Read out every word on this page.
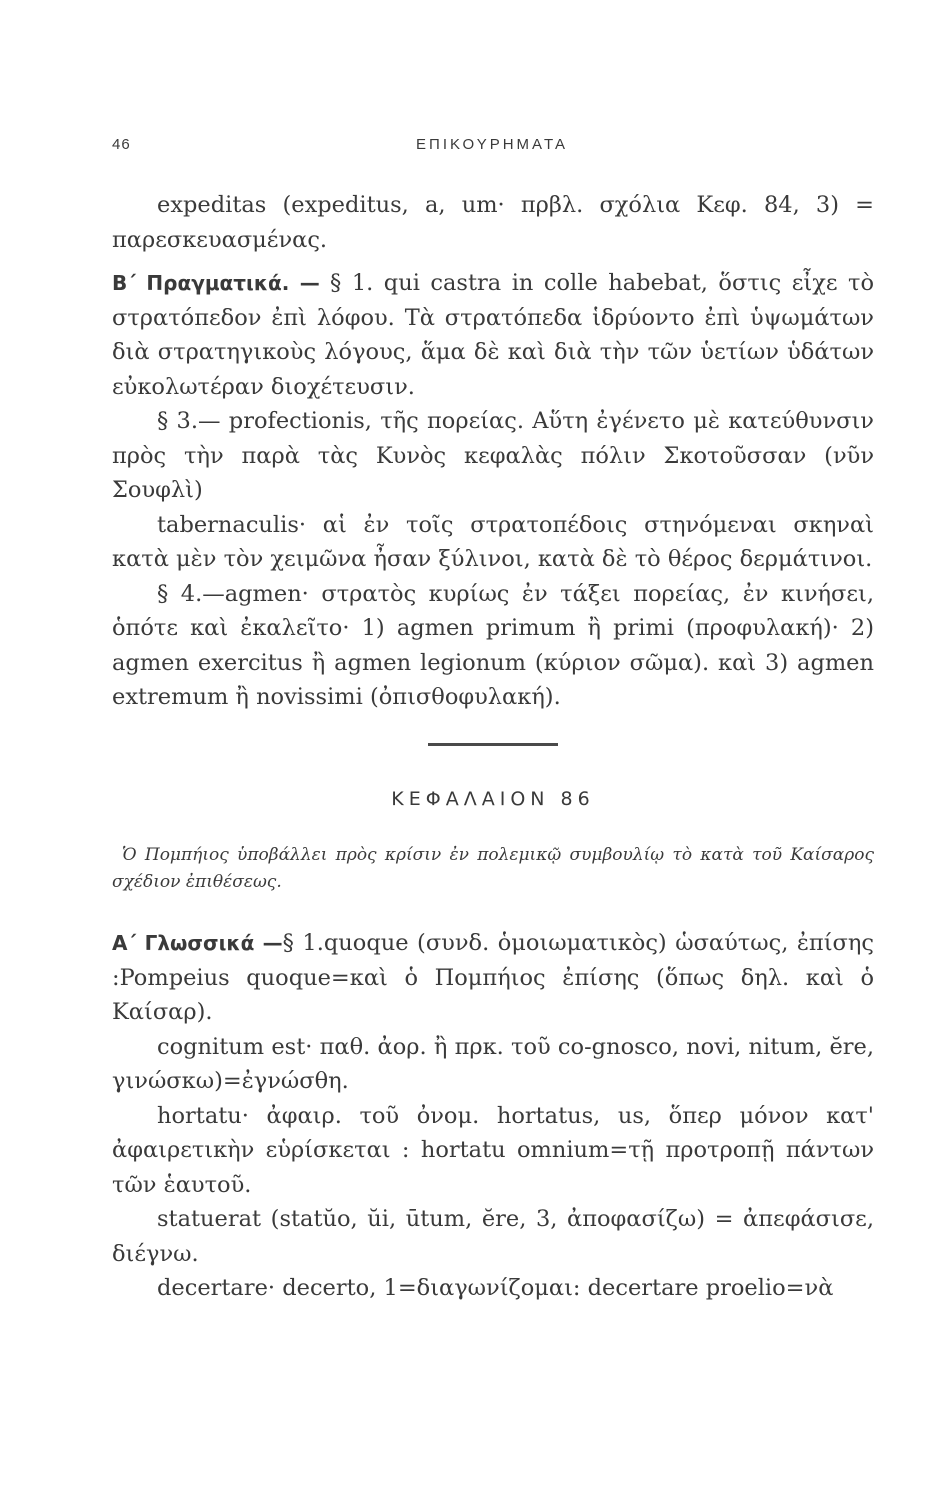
46	ΕΠΙΚΟΥΡΗΜΑΤΑ

expeditas (expeditus, a, um· πρβλ. σχόλια Κεφ. 84, 3) = παρεσκευασμένας.

Β΄ Πραγματικά. — § 1. qui castra in colle habebat, ὅστις εἶχε τὸ στρατόπεδον ἐπὶ λόφου. Τὰ στρατόπεδα ἱδρύοντο ἐπὶ ὑψωμάτων διὰ στρατηγικοὺς λόγους, ἅμα δὲ καὶ διὰ τὴν τῶν ὑετίων ὑδάτων εὐκολωτέραν διοχέτευσιν.

§ 3.— profectionis, τῆς πορείας. Αὕτη ἐγένετο μὲ κατεύθυνσιν πρὸς τὴν παρὰ τὰς Κυνὸς κεφαλὰς πόλιν Σκοτοῦσσαν (νῦν Σουφλὶ)

tabernaculis· αἱ ἐν τοῖς στρατοπέδοις στηνόμεναι σκηναὶ κατὰ μὲν τὸν χειμῶνα ἦσαν ξύλινοι, κατὰ δὲ τὸ θέρος δερμάτινοι.

§ 4.—agmen· στρατὸς κυρίως ἐν τάξει πορείας, ἐν κινήσει, ὁπότε καὶ ἐκαλεῖτο· 1) agmen primum ἢ primi (προφυλακή)· 2) agmen exercitus ἢ agmen legionum (κύριον σῶμα). καὶ 3) agmen extremum ἢ novissimi (ὀπισθοφυλακή).

ΚΕΦΑΛΑΙΟΝ 86

Ὁ Πομπήιος ὑποβάλλει πρὸς κρίσιν ἐν πολεμικῷ συμβουλίῳ τὸ κατὰ τοῦ Καίσαρος σχέδιον ἐπιθέσεως.

Α΄ Γλωσσικά —§ 1.quoque (συνδ. ὁμοιωματικὸς) ὡσαύτως, ἐπίσης :Pompeius quoque=καὶ ὁ Πομπήιος ἐπίσης (ὅπως δηλ. καὶ ὁ Καίσαρ).

cognitum est· παθ. ἀορ. ἢ πρκ. τοῦ co-gnosco, novi, nitum, ĕre, γινώσκω)=ἐγνώσθη.

hortatu· ἀφαιρ. τοῦ ὀνομ. hortatus, us, ὅπερ μόνον κατ' ἀφαιρετικὴν εὑρίσκεται : hortatu omnium=τῇ προτροπῇ πάντων τῶν ἑαυτοῦ.

statuerat (statŭo, ŭi, ūtum, ĕre, 3, ἀποφασίζω) = ἀπεφάσισε, διέγνω.

decertare· decerto, 1=διαγωνίζομαι: decertare proelio=νὰ
